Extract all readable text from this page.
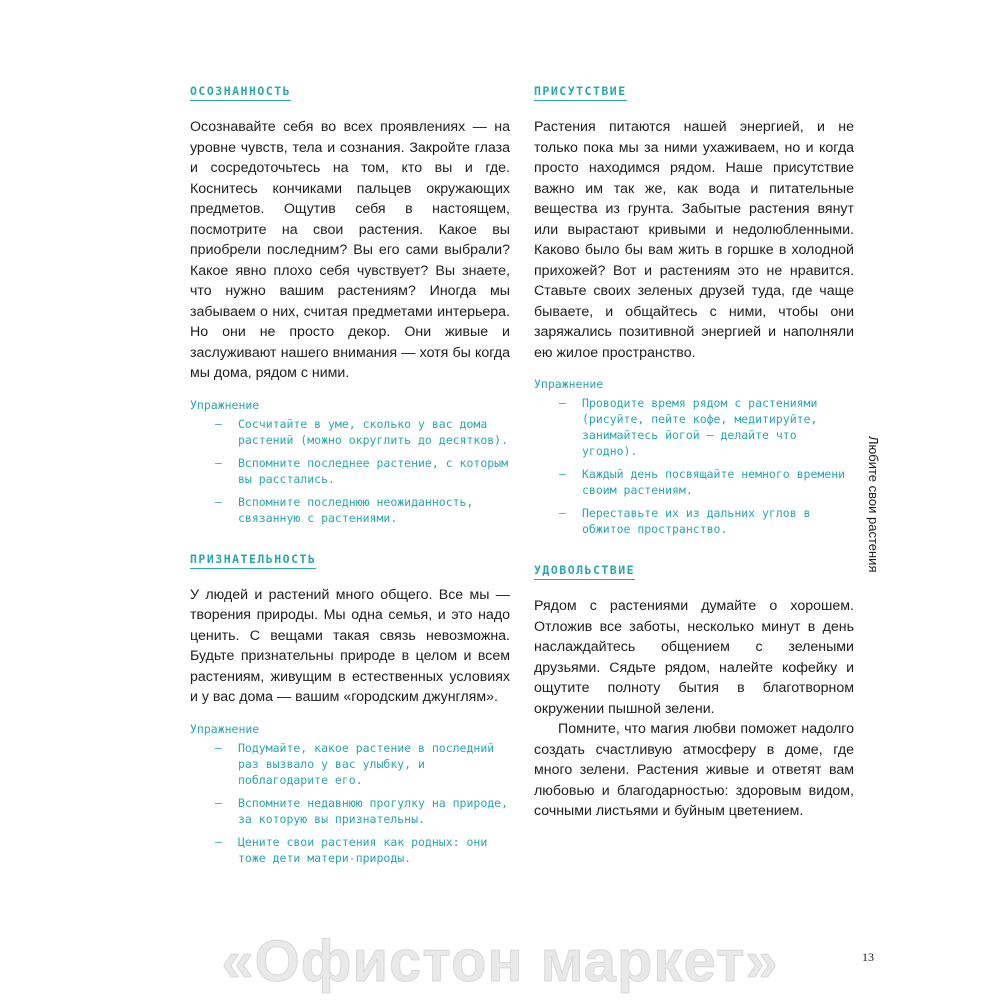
ОСОЗНАННОСТЬ

Осознавайте себя во всех проявлениях — на уровне чувств, тела и сознания. Закройте глаза и сосредоточьтесь на том, кто вы и где. Коснитесь кончиками пальцев окружающих предметов. Ощутив себя в настоящем, посмотрите на свои растения. Какое вы приобрели последним? Вы его сами выбрали? Какое явно плохо себя чувствует? Вы знаете, что нужно вашим растениям? Иногда мы забываем о них, считая предметами интерьера. Но они не просто декор. Они живые и заслуживают нашего внимания — хотя бы когда мы дома, рядом с ними.

Упражнение

— Сосчитайте в уме, сколько у вас дома растений (можно округлить до десятков).
— Вспомните последнее растение, с которым вы расстались.
— Вспомните последнюю неожиданность, связанную с растениями.
ПРИЗНАТЕЛЬНОСТЬ

У людей и растений много общего. Все мы — творения природы. Мы одна семья, и это надо ценить. С вещами такая связь невозможна. Будьте признательны природе в целом и всем растениям, живущим в естественных условиях и у вас дома — вашим «городским джунглям».

Упражнение

— Подумайте, какое растение в последний раз вызвало у вас улыбку, и поблагодарите его.
— Вспомните недавнюю прогулку на природе, за которую вы признательны.
— Цените свои растения как родных: они тоже дети матери-природы.
ПРИСУТСТВИЕ

Растения питаются нашей энергией, и не только пока мы за ними ухаживаем, но и когда просто находимся рядом. Наше присутствие важно им так же, как вода и питательные вещества из грунта. Забытые растения вянут или вырастают кривыми и недолюбленными. Каково было бы вам жить в горшке в холодной прихожей? Вот и растениям это не нравится. Ставьте своих зеленых друзей туда, где чаще бываете, и общайтесь с ними, чтобы они заряжались позитивной энергией и наполняли ею жилое пространство.

Упражнение

— Проводите время рядом с растениями (рисуйте, пейте кофе, медитируйте, занимайтесь йогой — делайте что угодно).
— Каждый день посвящайте немного времени своим растениям.
— Переставьте их из дальних углов в обжитое пространство.
УДОВОЛЬСТВИЕ

Рядом с растениями думайте о хорошем. Отложив все заботы, несколько минут в день наслаждайтесь общением с зелеными друзьями. Сядьте рядом, налейте кофейку и ощутите полноту бытия в благотворном окружении пышной зелени.

Помните, что магия любви поможет надолго создать счастливую атмосферу в доме, где много зелени. Растения живые и ответят вам любовью и благодарностью: здоровым видом, сочными листьями и буйным цветением.

Любите свои растения
13
«Офистон маркет»
